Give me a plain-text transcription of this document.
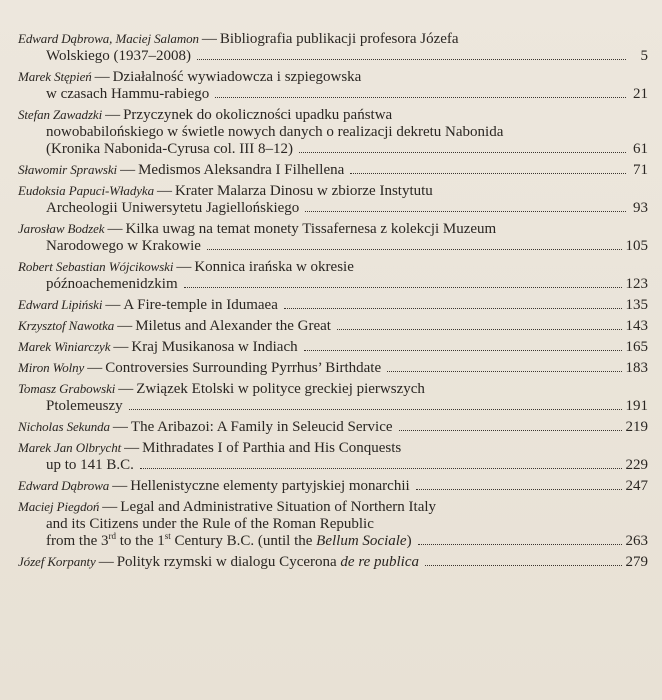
Edward Dąbrowa, Maciej Salamon — Bibliografia publikacji profesora Józefa
Wolskiego (1937–2008)	5
Marek Stępień — Działalność wywiadowcza i szpiegowska
w czasach Hammu-rabiego	21
Stefan Zawadzki — Przyczynek do okoliczności upadku państwa
nowobabilońskiego w świetle nowych danych o realizacji dekretu Nabonida
(Kronika Nabonida-Cyrusa col. III 8–12)	61
Sławomir Sprawski — Medismos Aleksandra I Filhellena	71
Eudoksia Papuci-Władyka — Krater Malarza Dinosu w zbiorze Instytutu
Archeologii Uniwersytetu Jagiellońskiego	93
Jarosław Bodzek — Kilka uwag na temat monety Tissafernesa z kolekcji Muzeum
Narodowego w Krakowie	105
Robert Sebastian Wójcikowski — Konnica irańska w okresie
późnoachemenidzkim	123
Edward Lipiński — A Fire-temple in Idumaea	135
Krzysztof Nawotka — Miletus and Alexander the Great	143
Marek Winiarczyk — Kraj Musikanosa w Indiach	165
Miron Wolny — Controversies Surrounding Pyrrhus’ Birthdate	183
Tomasz Grabowski — Związek Etolski w polityce greckiej pierwszych
Ptolemeuszy	191
Nicholas Sekunda — The Aribazoi: A Family in Seleucid Service	219
Marek Jan Olbrycht — Mithradates I of Parthia and His Conquests
up to 141 B.C.	229
Edward Dąbrowa — Hellenistyczne elementy partyjskiej monarchii	247
Maciej Piegdoń — Legal and Administrative Situation of Northern Italy
and its Citizens under the Rule of the Roman Republic
from the 3rd to the 1st Century B.C. (until the Bellum Sociale)	263
Józef Korpanty — Polityk rzymski w dialogu Cycerona
de re publica	279
